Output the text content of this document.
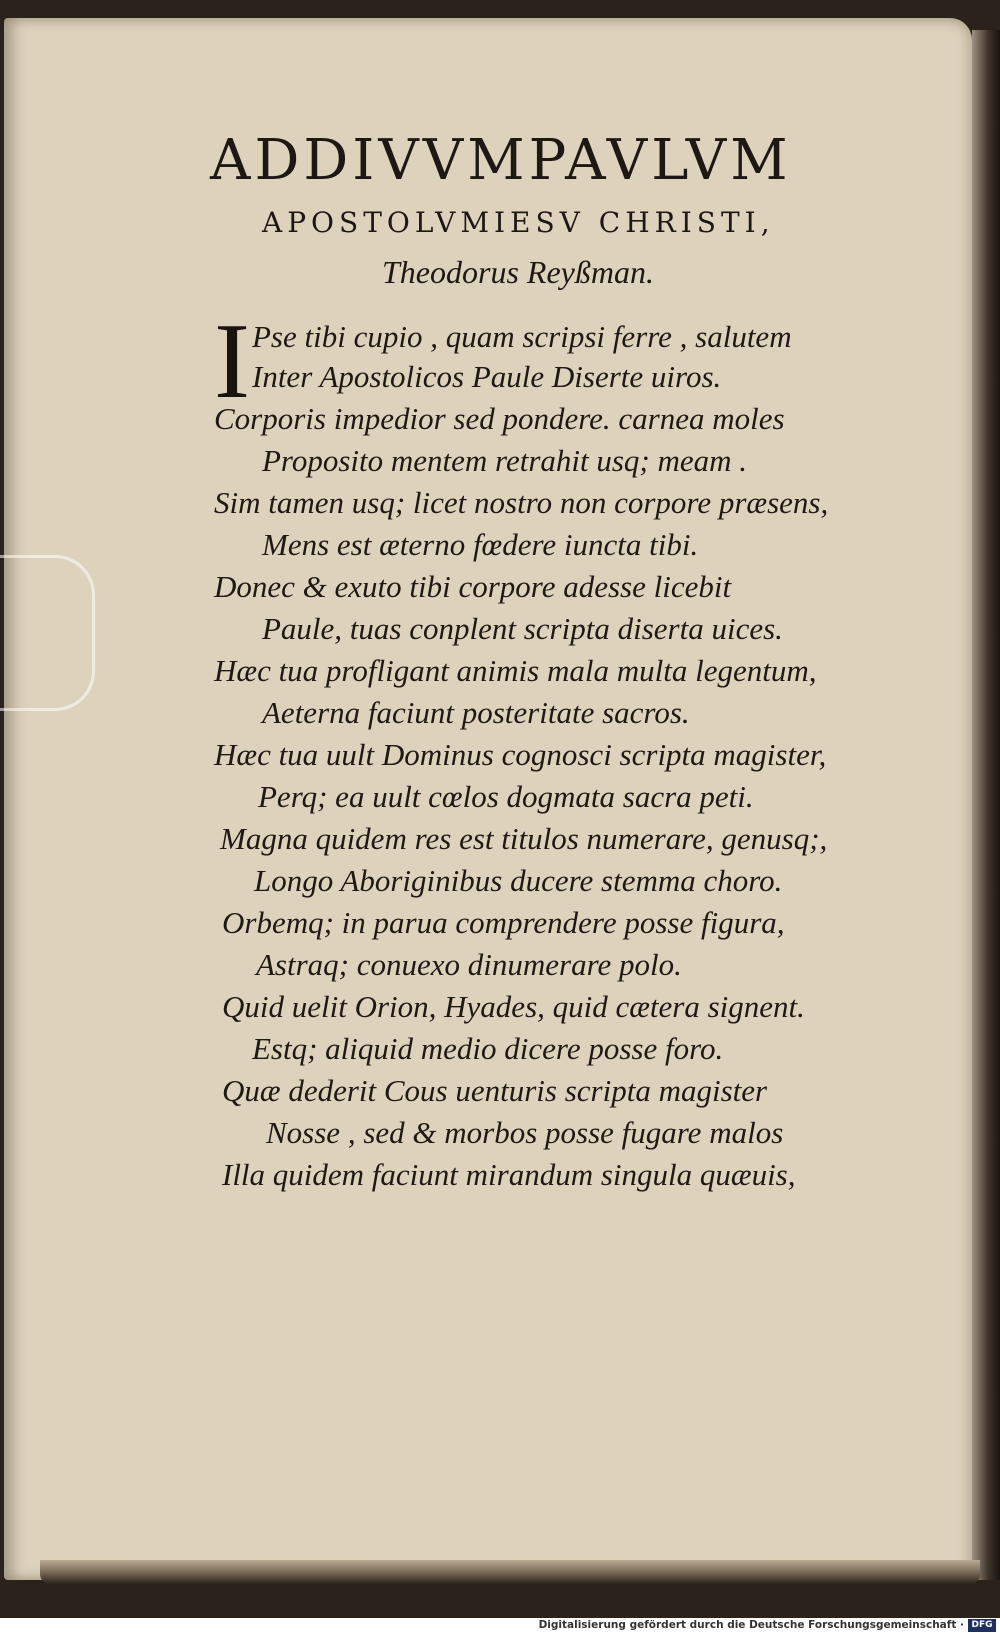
ADDIVVMPAVLVM
APOSTOLVMIESV CHRISTI,
Theodorus Reyßman.
I Pse tibi cupio , quam scripsi ferre , salutem
Inter Apostolicos Paule Diserte uiros.
Corporis impedior sed pondere. carnea moles
Proposito mentem retrahit usq; meam .
Sim tamen usq; licet nostro non corpore præsens,
Mens est æterno fœdere iuncta tibi.
Donec & exuto tibi corpore adesse licebit
Paule, tuas conplent scripta diserta uices.
Hæc tua profligant animis mala multa legentum,
Aeterna faciunt posteritate sacros.
Hæc tua uult Dominus cognosci scripta magister,
Perq; ea uult cœlos dogmata sacra peti.
Magna quidem res est titulos numerare, genusq;,
Longo Aboriginibus ducere stemma choro.
Orbemq; in parua comprendere posse figura,
Astraq; conuexo dinumerare polo.
Quid uelit Orion, Hyades, quid cætera signent.
Estq; aliquid medio dicere posse foro.
Quæ dederit Cous uenturis scripta magister
Nosse , sed & morbos posse fugare malos
Illa quidem faciunt mirandum singula quæuis,
Digitalisierung gefördert durch die Deutsche Forschungsgemeinschaft · DFG
